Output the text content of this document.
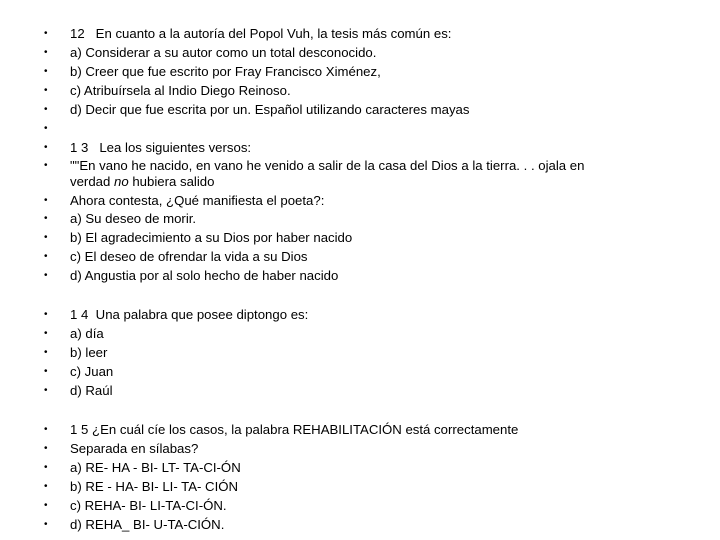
• 12 En cuanto a la autoría del Popol Vuh, la tesis más común es:
• a) Considerar a su autor como un total desconocido.
• b) Creer que fue escrito por Fray Francisco Ximénez,
• c) Atribuírsela al Indio Diego Reinoso.
• d) Decir que fue escrita por un. Español utilizando caracteres mayas
•
• 1 3 Lea los siguientes versos:
• ""En vano he nacido, en vano he venido a salir de la casa del Dios a la tierra. . . ojala en
verdad no hubiera salido
• Ahora contesta, ¿Qué manifiesta el poeta?:
• a) Su deseo de morir.
• b) El agradecimiento a su Dios por haber nacido
• c) El deseo de ofrendar la vida a su Dios
• d) Angustia por al solo hecho de haber nacido
• 1 4 Una palabra que posee diptongo es:
• a) día
• b) leer
• c) Juan
• d) Raúl
• 1 5 ¿En cuál cíe los casos, la palabra REHABILITACIÓN está correctamente
• Separada en sílabas?
• a) RE- HA - BI- LT- TA-CI-ÓN
• b) RE - HA- BI- LI- TA- CIÓN
• c) REHA- BI- LI-TA-CI-ÓN.
• d) REHA_ BI- U-TA-CIÓN.
